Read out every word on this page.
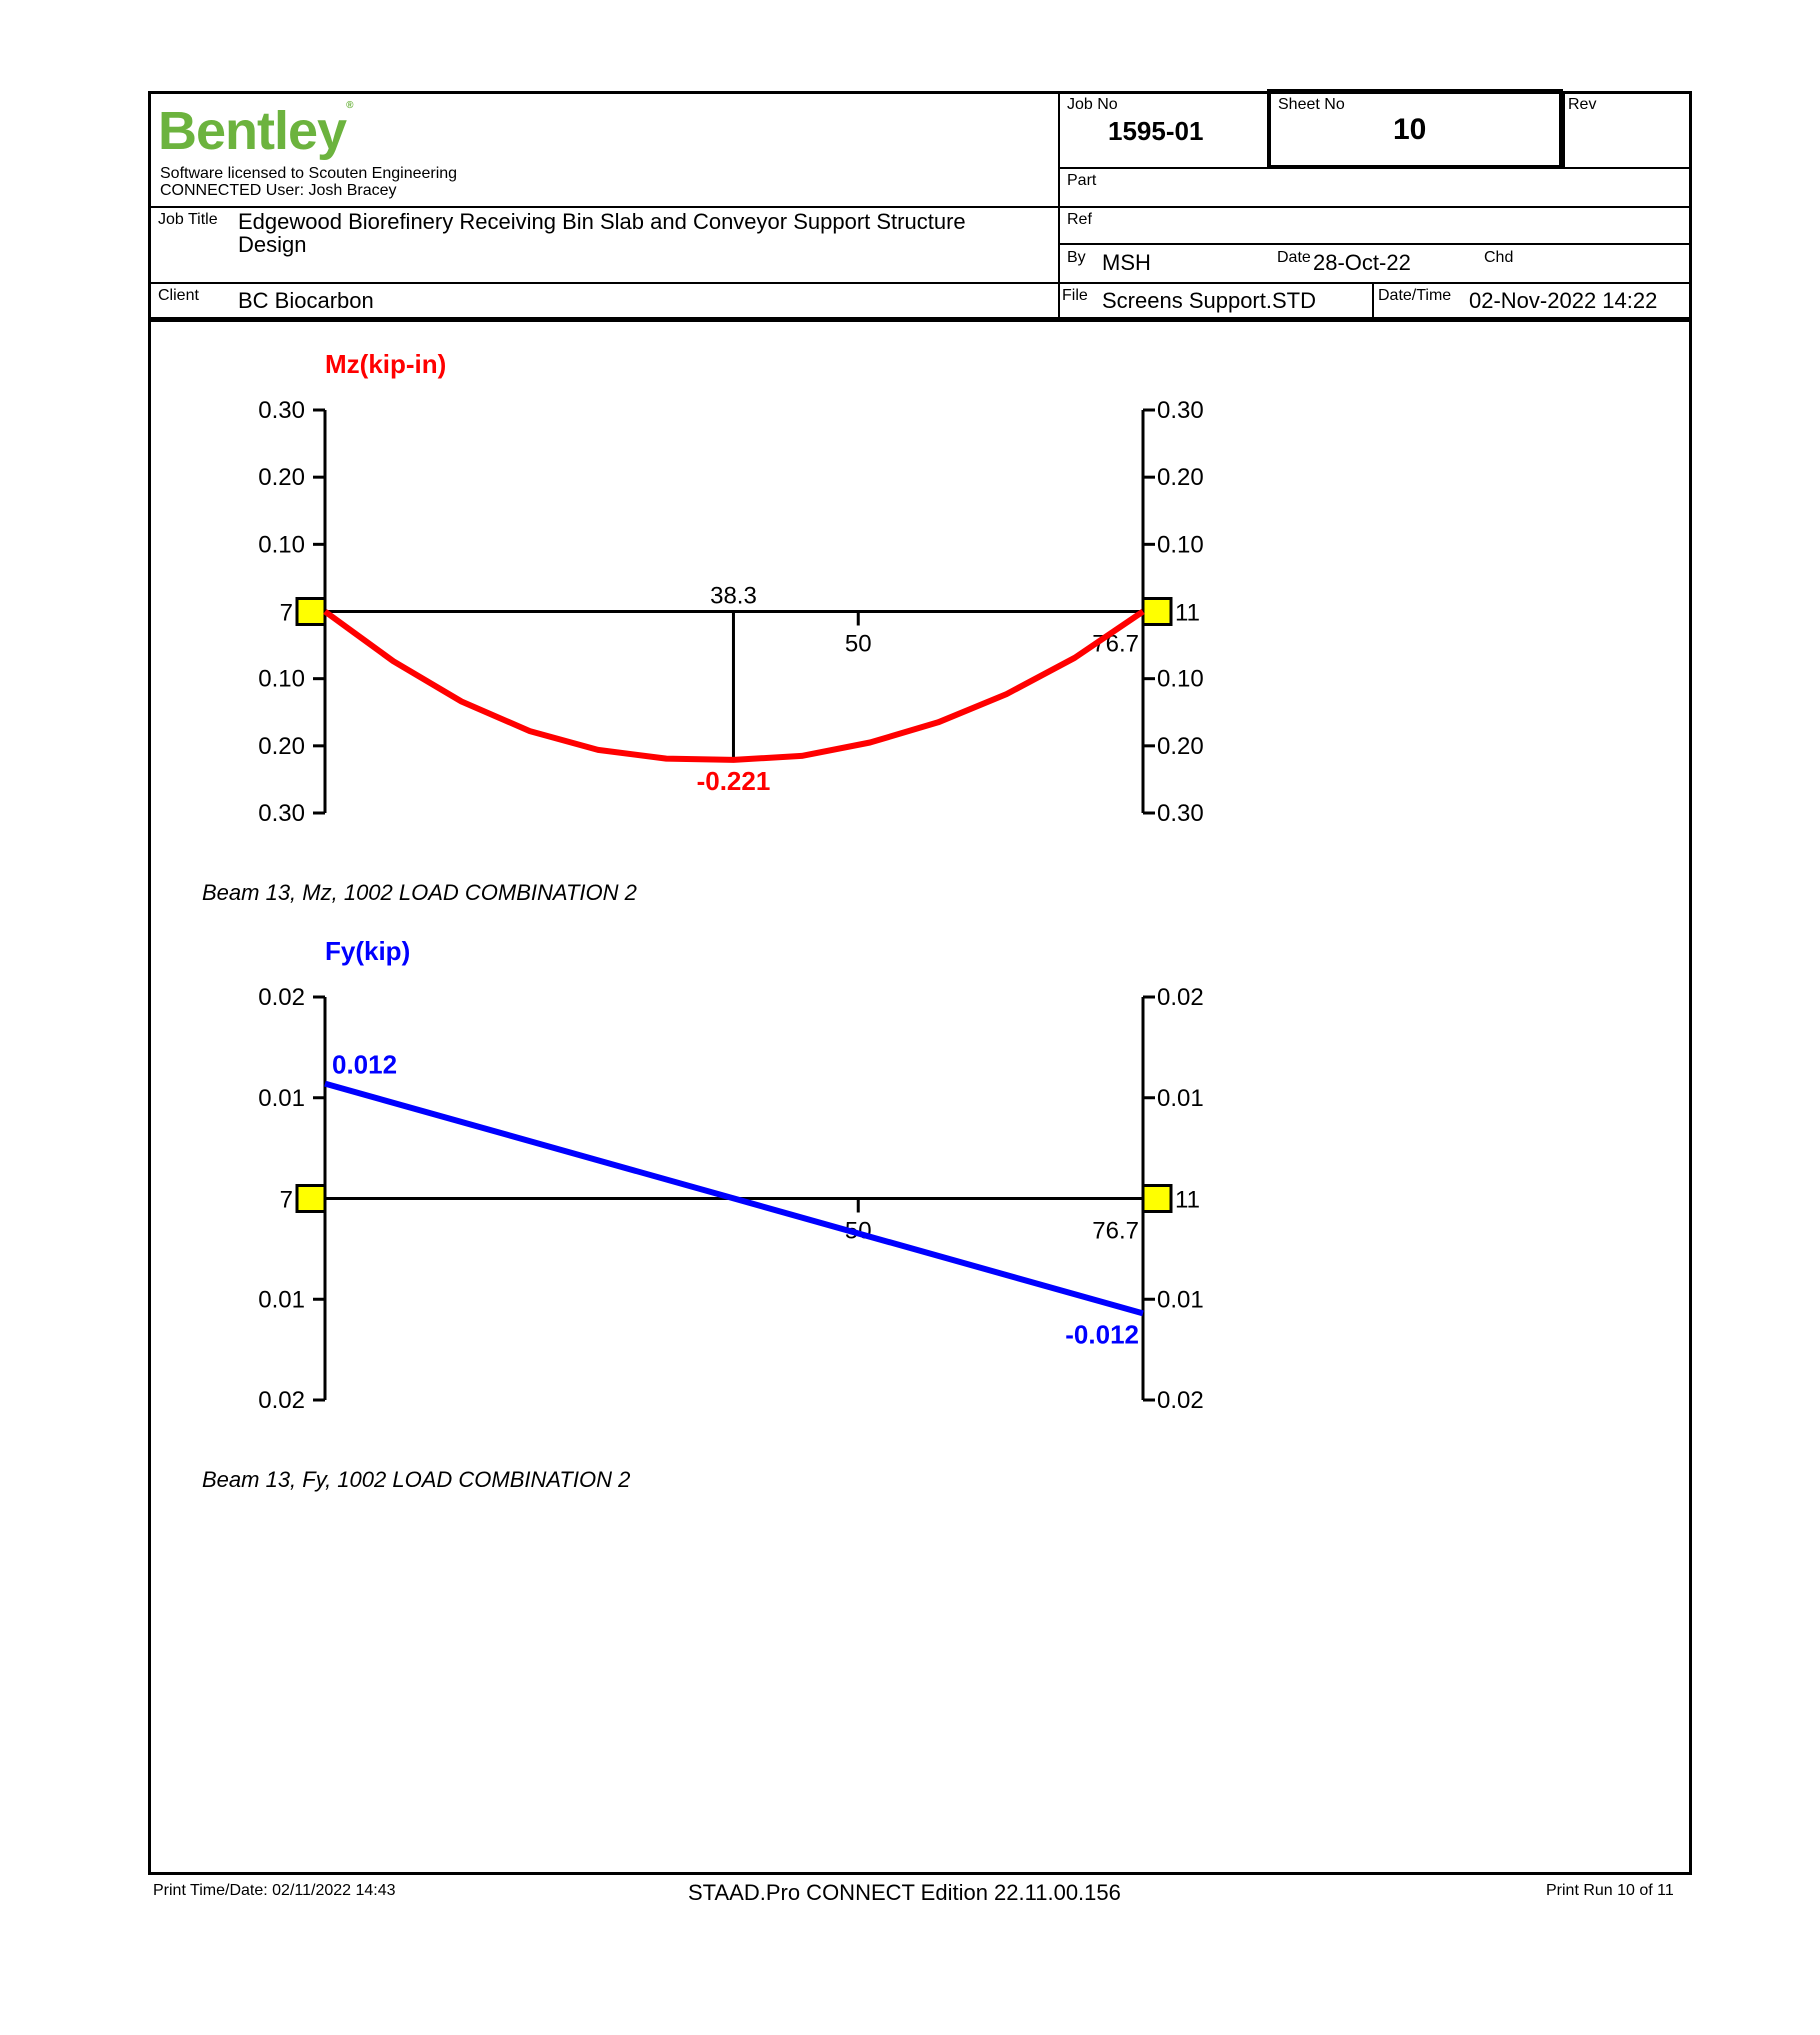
Bentley®
Software licensed to Scouten Engineering
CONNECTED User: Josh Bracey
Job No
1595-01
Sheet No
10
Rev
Part
Ref
By MSH	Date 28-Oct-22	Chd
Job Title Edgewood Biorefinery Receiving Bin Slab and Conveyor Support Structure
Design
Client BC Biocarbon	File Screens Support.STD	Date/Time 02-Nov-2022 14:22
Mz(kip-in)
0.30	0.30
0.20	0.20
0.10	0.10
0.10	0.10
0.20	0.20
0.30	0.30
38.3
50	76.7
7	11
-0.221
Fy(kip)
0.02	0.02
0.01	0.01
0.01	0.01
0.02	0.02
50	76.7
7	11
0.012
-0.012
Beam 13, Mz, 1002 LOAD COMBINATION 2
Beam 13, Fy, 1002 LOAD COMBINATION 2
Print Time/Date: 02/11/2022 14:43	STAAD.Pro CONNECT Edition 22.11.00.156	Print Run 10 of 11
